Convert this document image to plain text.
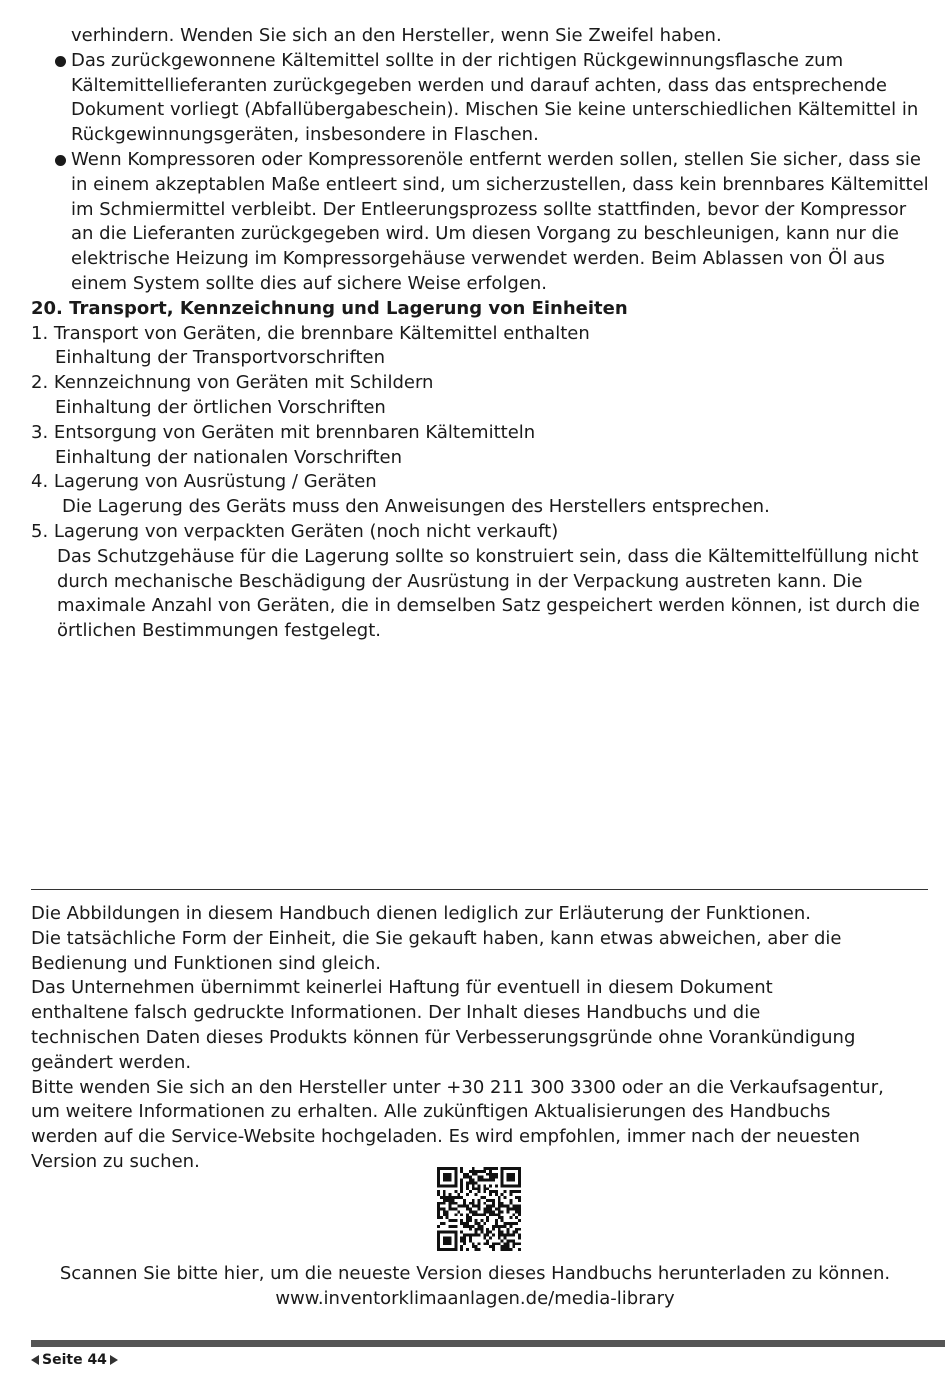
verhindern. Wenden Sie sich an den Hersteller, wenn Sie Zweifel haben.
Das zurückgewonnene Kältemittel sollte in der richtigen Rückgewinnungsflasche zum
Kältemittellieferanten zurückgegeben werden und darauf achten, dass das entsprechende
Dokument vorliegt (Abfallübergabeschein). Mischen Sie keine unterschiedlichen Kältemittel in
Rückgewinnungsgeräten, insbesondere in Flaschen.
Wenn Kompressoren oder Kompressorenöle entfernt werden sollen, stellen Sie sicher, dass sie
in einem akzeptablen Maße entleert sind, um sicherzustellen, dass kein brennbares Kältemittel
im Schmiermittel verbleibt. Der Entleerungsprozess sollte stattfinden, bevor der Kompressor
an die Lieferanten zurückgegeben wird. Um diesen Vorgang zu beschleunigen, kann nur die
elektrische Heizung im Kompressorgehäuse verwendet werden. Beim Ablassen von Öl aus
einem System sollte dies auf sichere Weise erfolgen.
20. Transport, Kennzeichnung und Lagerung von Einheiten
1. Transport von Geräten, die brennbare Kältemittel enthalten
Einhaltung der Transportvorschriften
2. Kennzeichnung von Geräten mit Schildern
Einhaltung der örtlichen Vorschriften
3. Entsorgung von Geräten mit brennbaren Kältemitteln
Einhaltung der nationalen Vorschriften
4. Lagerung von Ausrüstung / Geräten
Die Lagerung des Geräts muss den Anweisungen des Herstellers entsprechen.
5. Lagerung von verpackten Geräten (noch nicht verkauft)
Das Schutzgehäuse für die Lagerung sollte so konstruiert sein, dass die Kältemittelfüllung nicht
durch mechanische Beschädigung der Ausrüstung in der Verpackung austreten kann. Die
maximale Anzahl von Geräten, die in demselben Satz gespeichert werden können, ist durch die
örtlichen Bestimmungen festgelegt.
Die Abbildungen in diesem Handbuch dienen lediglich zur Erläuterung der Funktionen.
Die tatsächliche Form der Einheit, die Sie gekauft haben, kann etwas abweichen, aber die
Bedienung und Funktionen sind gleich.
Das Unternehmen übernimmt keinerlei Haftung für eventuell in diesem Dokument
enthaltene falsch gedruckte Informationen. Der Inhalt dieses Handbuchs und die
technischen Daten dieses Produkts können für Verbesserungsgründe ohne Vorankündigung
geändert werden.
Bitte wenden Sie sich an den Hersteller unter +30 211 300 3300 oder an die Verkaufsagentur,
um weitere Informationen zu erhalten. Alle zukünftigen Aktualisierungen des Handbuchs
werden auf die Service-Website hochgeladen. Es wird empfohlen, immer nach der neuesten
Version zu suchen.
Scannen Sie bitte hier, um die neueste Version dieses Handbuchs herunterladen zu können.
www.inventorklimaanlagen.de/media-library
Seite 44
